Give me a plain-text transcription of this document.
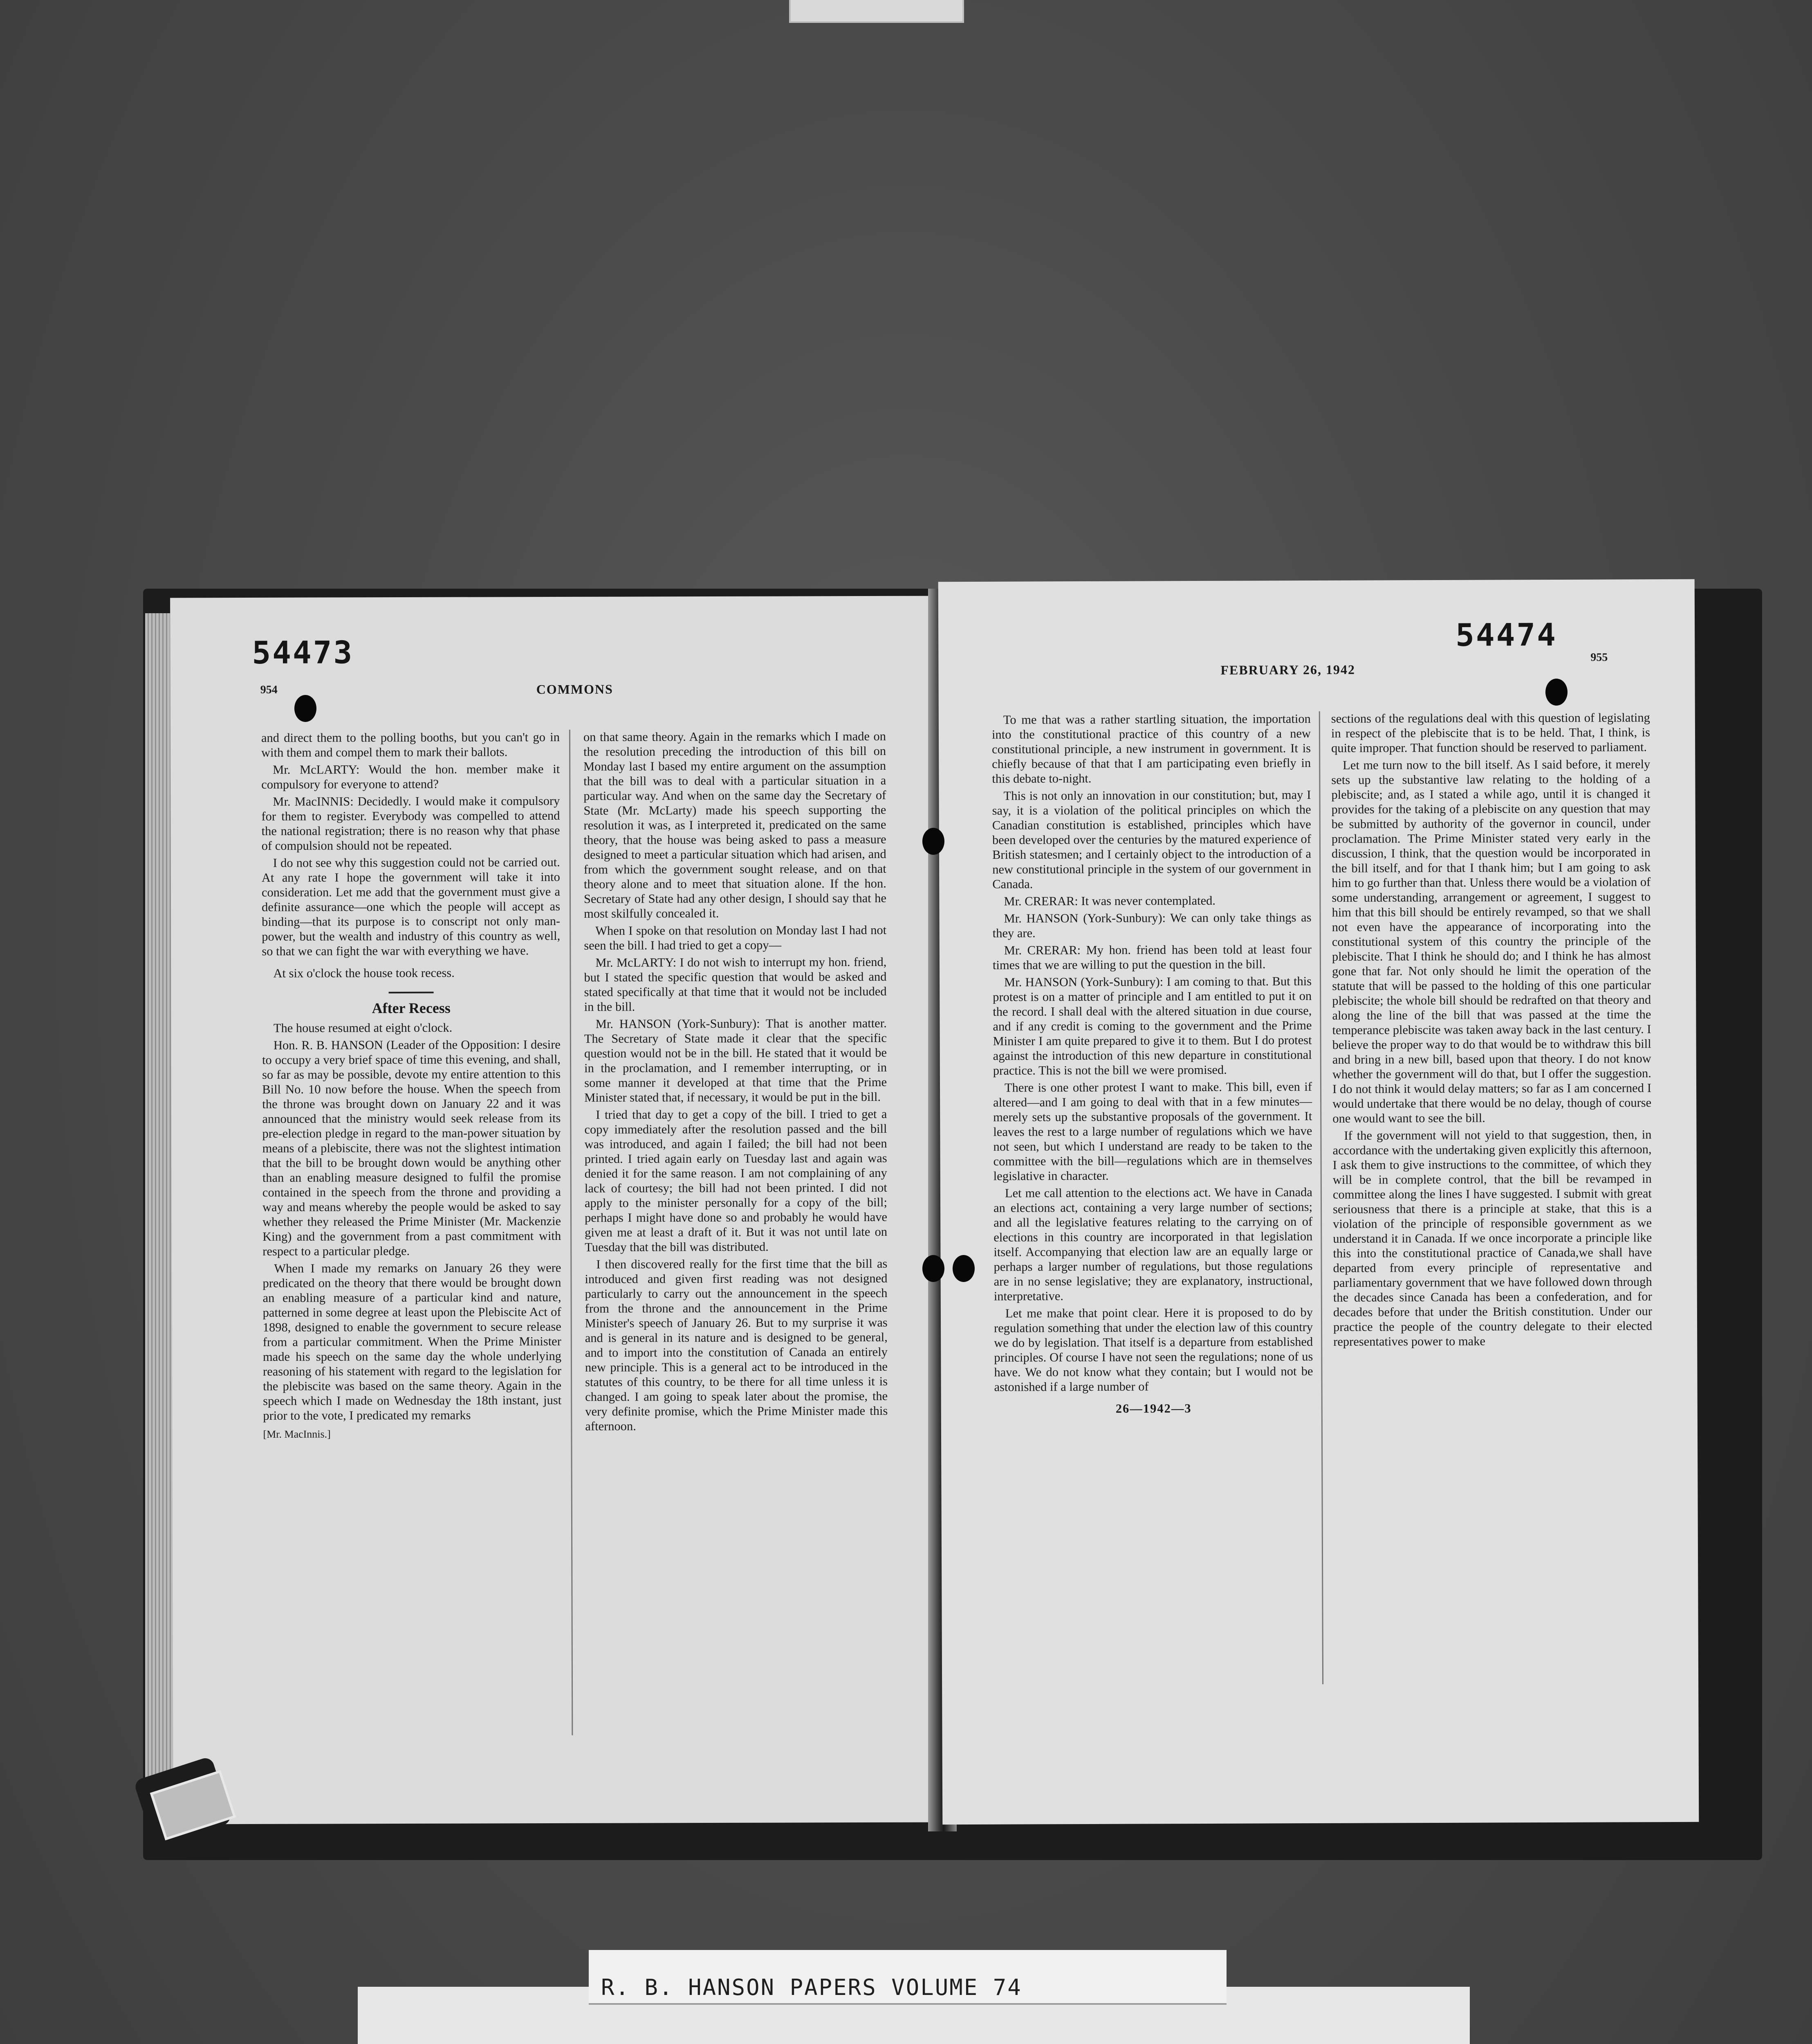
54473
954	COMMONS

and direct them to the polling booths, but you can't go in with them and compel them to mark their ballots.

Mr. McLARTY: Would the hon. member make it compulsory for everyone to attend?

Mr. MacINNIS: Decidedly. I would make it compulsory for them to register. Everybody was compelled to attend the national registration; there is no reason why that phase of compulsion should not be repeated.

I do not see why this suggestion could not be carried out. At any rate I hope the government will take it into consideration. Let me add that the government must give a definite assurance—one which the people will accept as binding—that its purpose is to conscript not only man-power, but the wealth and industry of this country as well, so that we can fight the war with everything we have.

At six o'clock the house took recess.

After Recess

The house resumed at eight o'clock.

Hon. R. B. HANSON (Leader of the Opposition: I desire to occupy a very brief space of time this evening, and shall, so far as may be possible, devote my entire attention to this Bill No. 10 now before the house. When the speech from the throne was brought down on January 22 and it was announced that the ministry would seek release from its pre-election pledge in regard to the man-power situation by means of a plebiscite, there was not the slightest intimation that the bill to be brought down would be anything other than an enabling measure designed to fulfil the promise contained in the speech from the throne and providing a way and means whereby the people would be asked to say whether they released the Prime Minister (Mr. Mackenzie King) and the government from a past commitment with respect to a particular pledge.

When I made my remarks on January 26 they were predicated on the theory that there would be brought down an enabling measure of a particular kind and nature, patterned in some degree at least upon the Plebiscite Act of 1898, designed to enable the government to secure release from a particular commitment. When the Prime Minister made his speech on the same day the whole underlying reasoning of his statement with regard to the legislation for the plebiscite was based on the same theory. Again in the speech which I made on Wednesday the 18th instant, just prior to the vote, I predicated my remarks

[Mr. MacInnis.]

on that same theory. Again in the remarks which I made on the resolution preceding the introduction of this bill on Monday last I based my entire argument on the assumption that the bill was to deal with a particular situation in a particular way. And when on the same day the Secretary of State (Mr. McLarty) made his speech supporting the resolution it was, as I interpreted it, predicated on the same theory, that the house was being asked to pass a measure designed to meet a particular situation which had arisen, and from which the government sought release, and on that theory alone and to meet that situation alone. If the hon. Secretary of State had any other design, I should say that he most skilfully concealed it.

When I spoke on that resolution on Monday last I had not seen the bill. I had tried to get a copy—

Mr. McLARTY: I do not wish to interrupt my hon. friend, but I stated the specific question that would be asked and stated specifically at that time that it would not be included in the bill.

Mr. HANSON (York-Sunbury): That is another matter. The Secretary of State made it clear that the specific question would not be in the bill. He stated that it would be in the proclamation, and I remember interrupting, or in some manner it developed at that time that the Prime Minister stated that, if necessary, it would be put in the bill.

I tried that day to get a copy of the bill. I tried to get a copy immediately after the resolution passed and the bill was introduced, and again I failed; the bill had not been printed. I tried again early on Tuesday last and again was denied it for the same reason. I am not complaining of any lack of courtesy; the bill had not been printed. I did not apply to the minister personally for a copy of the bill; perhaps I might have done so and probably he would have given me at least a draft of it. But it was not until late on Tuesday that the bill was distributed.

I then discovered really for the first time that the bill as introduced and given first reading was not designed particularly to carry out the announcement in the speech from the throne and the announcement in the Prime Minister's speech of January 26. But to my surprise it was and is general in its nature and is designed to be general, and to import into the constitution of Canada an entirely new principle. This is a general act to be introduced in the statutes of this country, to be there for all time unless it is changed. I am going to speak later about the promise, the very definite promise, which the Prime Minister made this afternoon.

54474
FEBRUARY 26, 1942
955

To me that was a rather startling situation, the importation into the constitutional practice of this country of a new constitutional principle, a new instrument in government. It is chiefly because of that that I am participating even briefly in this debate to-night.

This is not only an innovation in our constitution; but, may I say, it is a violation of the political principles on which the Canadian constitution is established, principles which have been developed over the centuries by the matured experience of British statesmen; and I certainly object to the introduction of a new constitutional principle in the system of our government in Canada.

Mr. CRERAR: It was never contemplated.

Mr. HANSON (York-Sunbury): We can only take things as they are.

Mr. CRERAR: My hon. friend has been told at least four times that we are willing to put the question in the bill.

Mr. HANSON (York-Sunbury): I am coming to that. But this protest is on a matter of principle and I am entitled to put it on the record. I shall deal with the altered situation in due course, and if any credit is coming to the government and the Prime Minister I am quite prepared to give it to them. But I do protest against the introduction of this new departure in constitutional practice. This is not the bill we were promised.

There is one other protest I want to make. This bill, even if altered—and I am going to deal with that in a few minutes—merely sets up the substantive proposals of the government. It leaves the rest to a large number of regulations which we have not seen, but which I understand are ready to be taken to the committee with the bill—regulations which are in themselves legislative in character.

Let me call attention to the elections act. We have in Canada an elections act, containing a very large number of sections; and all the legislative features relating to the carrying on of elections in this country are incorporated in that legislation itself. Accompanying that election law are an equally large or perhaps a larger number of regulations, but those regulations are in no sense legislative; they are explanatory, instructional, interpretative.

Let me make that point clear. Here it is proposed to do by regulation something that under the election law of this country we do by legislation. That itself is a departure from established principles. Of course I have not seen the regulations; none of us have. We do not know what they contain; but I would not be astonished if a large number of

26—1942—3

sections of the regulations deal with this question of legislating in respect of the plebiscite that is to be held. That, I think, is quite improper. That function should be reserved to parliament.

Let me turn now to the bill itself. As I said before, it merely sets up the substantive law relating to the holding of a plebiscite; and, as I stated a while ago, until it is changed it provides for the taking of a plebiscite on any question that may be submitted by authority of the governor in council, under proclamation. The Prime Minister stated very early in the discussion, I think, that the question would be incorporated in the bill itself, and for that I thank him; but I am going to ask him to go further than that. Unless there would be a violation of some understanding, arrangement or agreement, I suggest to him that this bill should be entirely revamped, so that we shall not even have the appearance of incorporating into the constitutional system of this country the principle of the plebiscite. That I think he should do; and I think he has almost gone that far. Not only should he limit the operation of the statute that will be passed to the holding of this one particular plebiscite; the whole bill should be redrafted on that theory and along the line of the bill that was passed at the time the temperance plebiscite was taken away back in the last century. I believe the proper way to do that would be to withdraw this bill and bring in a new bill, based upon that theory. I do not know whether the government will do that, but I offer the suggestion. I do not think it would delay matters; so far as I am concerned I would undertake that there would be no delay, though of course one would want to see the bill.

If the government will not yield to that suggestion, then, in accordance with the undertaking given explicitly this afternoon, I ask them to give instructions to the committee, of which they will be in complete control, that the bill be revamped in committee along the lines I have suggested. I submit with great seriousness that there is a principle at stake, that this is a violation of the principle of responsible government as we understand it in Canada. If we once incorporate a principle like this into the constitutional practice of Canada,we shall have departed from every principle of representative and parliamentary government that we have followed down through the decades since Canada has been a confederation, and for decades before that under the British constitution. Under our practice the people of the country delegate to their elected representatives power to make

R. B. HANSON PAPERS VOLUME 74
